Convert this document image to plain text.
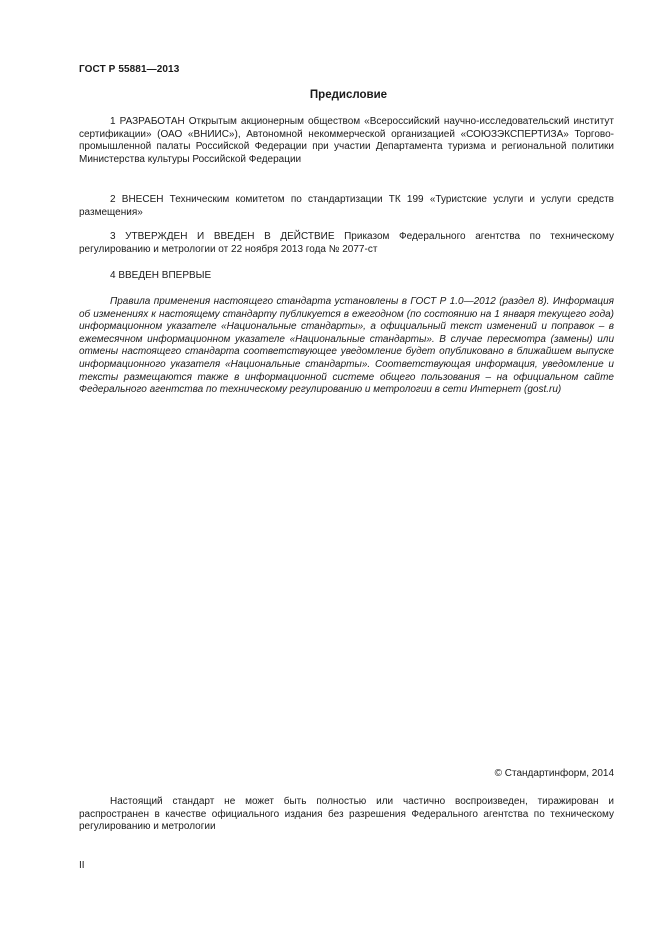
ГОСТ Р 55881—2013
Предисловие

1 РАЗРАБОТАН Открытым акционерным обществом «Всероссийский научно-исследовательский институт сертификации» (ОАО «ВНИИС»), Автономной некоммерческой организацией «СОЮЗЭКСПЕРТИЗА» Торгово-промышленной палаты Российской Федерации при участии Департамента туризма и региональной политики Министерства культуры Российской Федерации

2 ВНЕСЕН Техническим комитетом по стандартизации ТК 199 «Туристские услуги и услуги средств размещения»

3 УТВЕРЖДЕН И ВВЕДЕН В ДЕЙСТВИЕ Приказом Федерального агентства по техническому регулированию и метрологии от 22 ноября 2013 года № 2077-ст

4 ВВЕДЕН ВПЕРВЫЕ

Правила применения настоящего стандарта установлены в ГОСТ Р 1.0—2012 (раздел 8). Информация об изменениях к настоящему стандарту публикуется в ежегодном (по состоянию на 1 января текущего года) информационном указателе «Национальные стандарты», а официальный текст изменений и поправок – в ежемесячном информационном указателе «Национальные стандарты». В случае пересмотра (замены) или отмены настоящего стандарта соответствующее уведомление будет опубликовано в ближайшем выпуске информационного указателя «Национальные стандарты». Соответствующая информация, уведомление и тексты размещаются также в информационной системе общего пользования – на официальном сайте Федерального агентства по техническому регулированию и метрологии в сети Интернет (gost.ru)

© Стандартинформ, 2014

Настоящий стандарт не может быть полностью или частично воспроизведен, тиражирован и распространен в качестве официального издания без разрешения Федерального агентства по техническому регулированию и метрологии

II
